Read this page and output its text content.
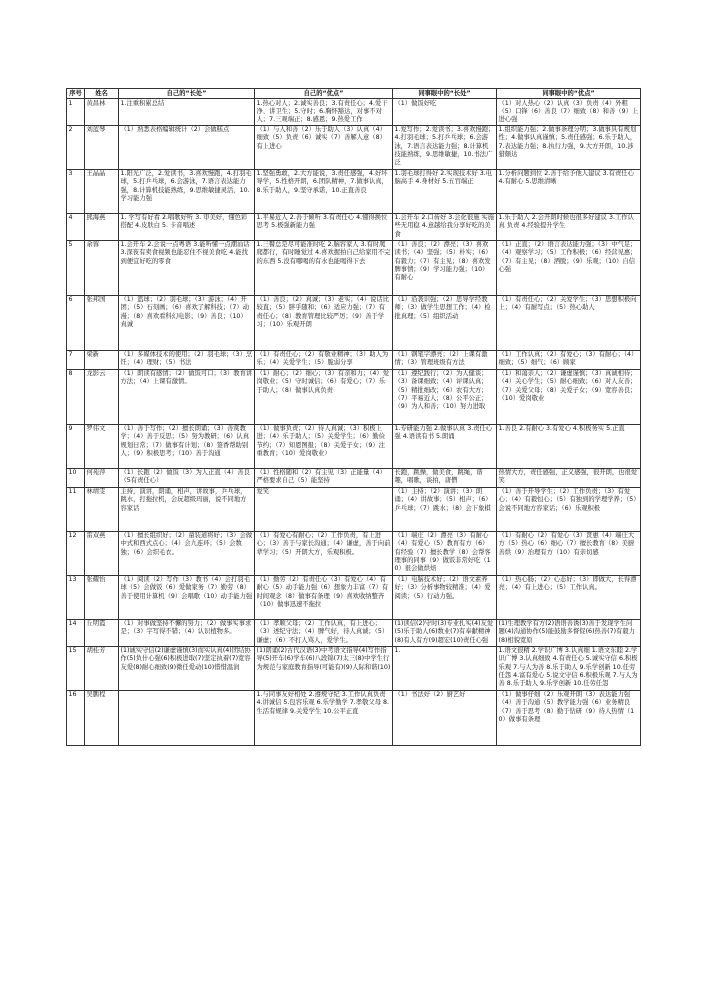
序号	姓名	自己的“长处”	自己的“优点”	同事眼中的“长处”	同事眼中的“优点”
1	黄昌林	1.注重积累总结	1.热心对人；2.诚实善良；3.有责任心；4.爱干净、讲卫生；5.守时；6.胸怀豁达，对事不对人；7.三观端正；8.感恩；9.热爱工作	（1）做饭好吃	（1）对人热心（2）认真（3）负责（4）外粗（5）口锋（6）善良（7）细致（8）和善（9）上进心强
2	刘蓝琴	（1）熟悉表格编辑统计（2）会做糕点	（1）与人和善（2）乐于助人（3）认真（4）细致（5）负责（6）诚实（7）善解人意（8）有上进心	1.爱写作；2.爱读书；3.喜欢慢跑；4.打羽毛球；5.打乒乓球；6.会游泳，7.语言表达能力强；8.计算机技能熟练，9.思维敏捷，10.书法广泛	1.组织能力强；2.做事条理分明；3.做事具有规划性；4.做事认真谨慎；5.责任感强；6.乐于助人，7.表达能力强；8.执行力强，9.大方开朗，10.涉猎颇达
3	王晶晶	1.阳光广泛，2.爱读书，3.喜欢慢跑，4.打羽毛球，5.打乒乓球，6.会游泳，7.语言表达能力强，8.计算机技能熟练，9.思维敏捷灵活，10.学习能力强	1.坚强勇敢，2.大方能说，3.责任感强，4.好坏导学，5.性格开朗，6.团队精神，7.做事认真，8.乐于助人，9.坚守承诺，10.正直善良	1.羽毛球打得好 2.实现技术好 3.电脑高手 4.身材好 5.五官端正	1.分析问题到位 2.善于给予他人建议 3.有责任心 4.有耐心 5.思维清晰
4	熊海燕	1. 学写有好看 2.唱歌好听 3. 审美好，懂色彩搭配 4.皮肤白 5. 卡音唱述	1.平易近人 2.善于倾听 3.有责任心 4.懂得换位思考 5.极强新能力强	1.会开车 2.口齿好 3.会化很施 实施些无用稳 4.意越给我分享好吃的美食	1.乐于助人 2.会开朗时候也很多好建议 3.工作认真 负责 4.经验提升学生
5	余蓉	1.会开车 2.会说一点粤语 3.能听懂一点潮汕话 3.深夜有卖食视频也能忍住不视美食吃 4.能找到便宜好吃的零食	1.三餐总是尽可能准时吃 2.脑容家人 3.有时爬爬都行，有时睡觉过 4.喜欢握拍自己给家用不完的东西 5.没有哪喝的有水也能喝得下去	（1）善良；（2）漂亮；（3）喜欢读书；（4）坚强；（5）朴实；（6）有毅力；（7）有主见；（8）喜欢发脾事情；（9）学习能力强；（10）有耐心	（1）正直；（2）语言表达能力强；（3）中气足；（4）观察学习；（5）工作积极；（6）经营见惠；（7）有主见；（8）洒脱；（9）乐观；（10）自信心强
6	张邦国	（1）篮球；（2）羽毛球；（3）游泳；（4）开团；（5）石刻画；（6）喜欢了解科技；（7）动漫；（8）喜欢看科幻电影；（9）善良；（10）真诚	（1）善良；（2）真诚；（3）老实；（4）说话比较直；（5）胖乎随和；（6）适应力强；（7）有责任心；（8）教育管理比较严厉；（9）善于学习；（10）乐观开朗	（1）沿袭识强；（2）思导学经教师；（3）做学生思想工作；（4）检批真理；（5）组织活动	（1）有责任心；（2）关爱学生；（3）思想积极向上；（4）有耐写点；（5）热心助人
7	梁新	（1）多媒体技术的使用；（2）羽毛球；（3）烹饪；（4）理财；（5）书法	（1）有责任心；（2）有敬业精神；（3）助人为乐；（4）关爱学生；（5）脆弱分享	（1）钢笔字漂亮；（2）上课有激情；（3）管理班级有方法	（1）工作认真；（2）有爱心；（3）有耐心；（4）细致；（5）细气；（6）顾家
8	龙影云	（1）朗读有感情；（2）做饭可口；（3）教育讲方法；（4）上课有激情。	（1）耐心；（2）细心；（3）有亲和力；（4）爱岗敬业；（5）守时诚信；（6）有爱心；（7）乐于助人；（8）做事认真负责	（1）遵纪践行；（2）为人健谈；（3）备课细致；（4）评课认真；（5）精批细改；（6）农有大方；（7）平易近人；（8）公平公正；（9）为人和善；（10）努力进取	（1）和蔼亲人；（2）谦虚谨慎；（3）真诚相待；（4）关心学生；（5）耐心细致；（6）对人友善；（7）关爱父母；（8）关爱子女；（9）宽容善良；（10）爱岗敬业
9	罗伟文	（1）善于写作；（2）擅长朗诵；（3）善赏教学；（4）善于反思；（5）努为教研；（6）认真规划日常；（7）做事有计划；（8）签香帮助别人；（9）积极思考；（10）善于沟通	（1）做事负责；（2）待人真诚；（3）积极上进；（4）乐于助人；（5）关爱学生；（6）勤俭节约；（7）知恩图报；（8）关爱子女；（9）注重教育；（10）爱岗敬业）	1.专研能力强 2.做事认真 3.责任心强 4.语读有书 5.朗诵	1.善良 2.有耐心 3.有爱心 4.积极务实 5.正直
10	何苑萍	（1）长跑（2）做饭（3）为人正直（4）善良（5有责任心）	（1）性格随和（2）有主见（3）正能量（4）严格要求自己（5）能坚持	长跑，跳操，做美食，跳绳，谐趣，唱歌，谈拍，唐僧	热情大方，责任感强，正义感强，很开朗，也很爱笑
11	林靖雯	主持，演讲，朗诵，相声，讲故事，乒乓球，跳水，打拖拉机，会玩超级玛丽，说不同地方容家话	爱笑	（1）主持；（2）演讲；（3）朗诵；（4）讲故事；（5）相声；（6）乒乓球；（7）跳水；（8）会下象棋	（1）善于开导学生；（2）工作负责；（3）有爱心；（4）有毅恒心；（5）有独到的学理学养；（5）会说不同地方容家话；（6）乐观积极
12	雷双燕	（1）擅长组织好；（2）童装道将好；（3）会做中式和西式点心；（4）会九连环；（5）会数独；（6）会织毛衣。	（1）有爱心有耐心；（2）工作负责，有上进心；（3）善于与家长沟通；（4）谦虚，善于向前辈学习；（5）开朗大方，乐观积极。	（1）端庄（2）漂亮（3）有耐心（4）有爱心（5）教育有方（6）有经验（7）擅长教学（8）会帮客理事的同事（9）做饭非常好吃（10）很会做烘焙	（1）有耐心（2）有爱心（3）贤惠（4）端庄大方（5）热心（6）细心（7）擅长教育（8）美厨善烘（9）治理有方（10）有亲切感
13	张耀怡	（1）阅读（2）写作（3）教书（4）会打羽毛球（5）会做饭（6）爱做家务（7）勤劳（8）善于使用计算机（9）会唱歌（10）动手能力强	（1）勤劳（2）有责任心（3）有爱心（4）有耐心（5）动手能力强（6）想象力丰富（7）有时间观念（8）做事有条理（9）喜欢收纳整齐（10）做事迅速不拖拉	（1）电脑技术好；（2）语文素养好；（3）分析事物较精准；（4）爱阅读；（5）行动力强。	（1）热心肠；（2）心态好；（3）即做大，长得漂亮；（4）有上进心；（5）工作认真。
14	丘明霞	（1）对事做坚持不懈的努力；（2）做事实事求是；（3）字写得不错；（4）认识植物多。	（1）孝顺父母；（2）工作认真，有上进心；（3）述纪守法；（4）脾气好，待人真诚；（5）谦虚；（6）不打人骂人，爱学生。	(1)读信(2)守时(3)专业扎实(4)友爱(5)乐于助人(6)数业(7)有奉献精神(8)有人有方(9)超宏(10)责任心强	(1)生理教学有方(2)语语善诱(3)善于发现学生问题(4)沟通协作(5)能鼓励多督促(6)热善(7)有毅力(8)相貌宽原
15	胡桂芳	(1)诚实守信(2)谦虚谨慎(3)而实认真(4)团结协作(5)负什心强(6)积极进取(7)坚定执着(7)宽容友爱(8)耐心细致(9)微任爱动(10)惜惜温润	(1)朗诵(2)古代汉语(3)中考语文指导(4)写作指导(5)开车(6)学车(6)八段锦(7)太三(8)中学生行为规范与家庭教育指导(可能有)(9)人际和谐(10)	1.	1.语文很精 2.学识广博 3.认真细 1.语文东睦 2.学识广博 3.认真细致 4.有责任心 5.诚实守信 6.积极乐观 7.与人为善 8.乐于助人 9.乐学创新 10.任劳任怨 4.富有爱心 5.说文守信 6.积极乐观 7.与人为善 8.乐于助人 9.乐学创新 10.任劳任怨
16	吴鹏程		1.与同事友好相处 2.遵规守纪 3.工作认真负责 4.讲诚信 5.包容乐观 6.乐学勤学 7.孝敬父母 8.生活有规律 9.关爱学生 10.公平正直	（1）书法好（2）厨艺好	（1）做事仔细（2）乐观开朗（3）表达能力强（4）善于沟通（5）教学能力强（6）业务精良（7）善于思考（8）勤于钻研（9）待人热情（10）做事有条理
